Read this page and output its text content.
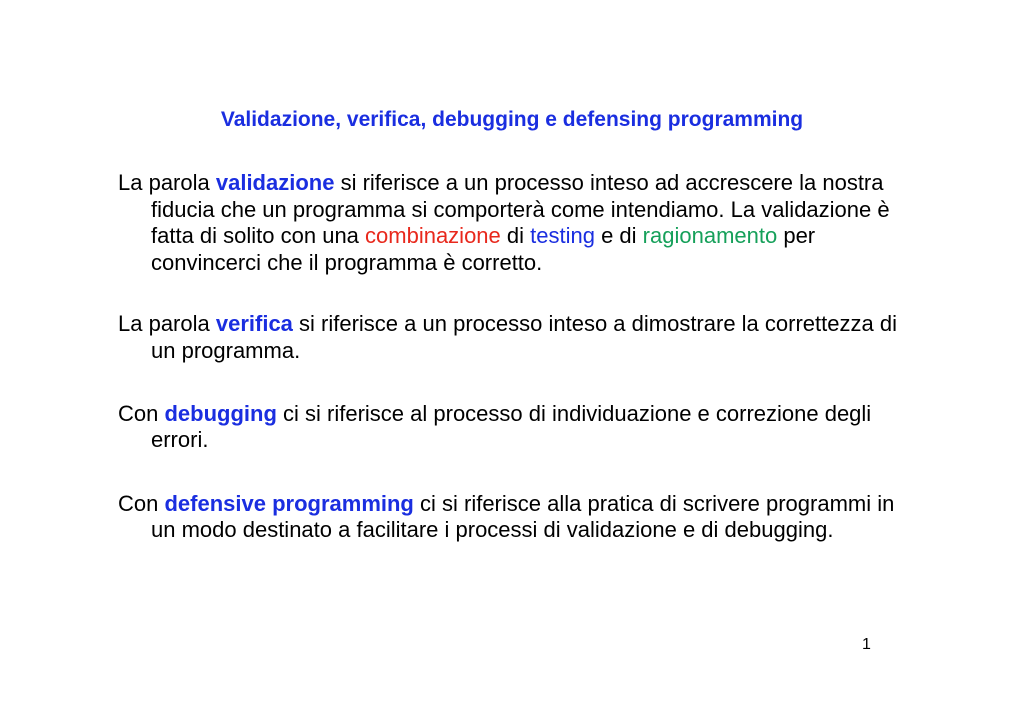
Validazione, verifica, debugging e defensing programming

La parola validazione si riferisce a un processo inteso ad accrescere la nostra fiducia che un programma si comporterà come intendiamo. La validazione è fatta di solito con una combinazione di testing e di ragionamento per convincerci che il programma è corretto.

La parola verifica si riferisce a un processo inteso a dimostrare la correttezza di un programma.

Con debugging ci si riferisce al processo di individuazione e correzione degli errori.

Con defensive programming ci si riferisce alla pratica di scrivere programmi in un modo destinato a facilitare i processi di validazione e di debugging.

1
